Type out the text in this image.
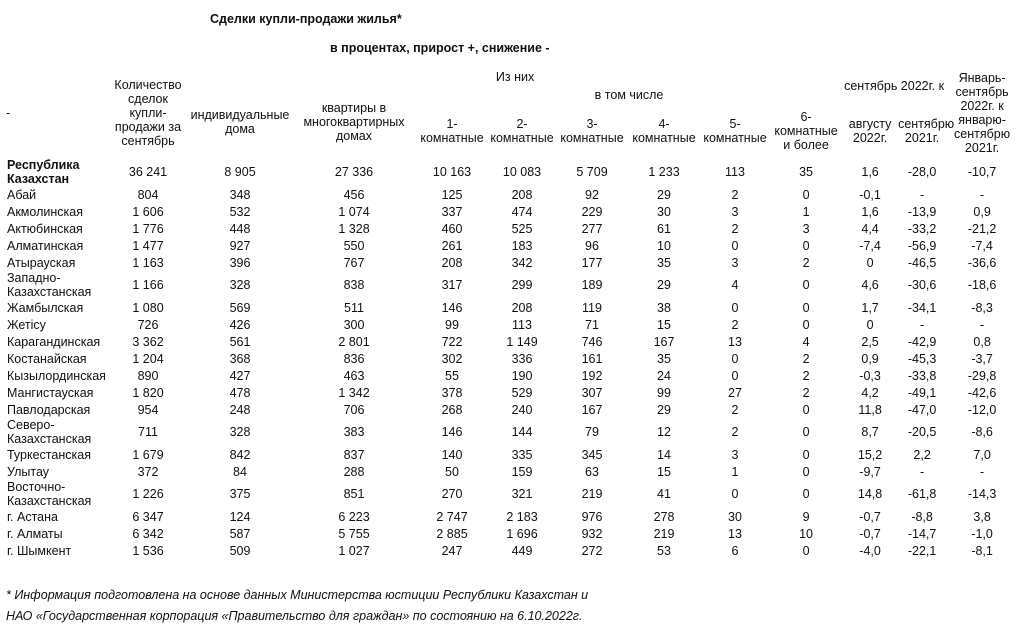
Сделки купли-продажи жилья*
в процентах, прирост +, снижение -
-	Количество сделок купли-продажи за сентябрь	Из них								сентябрь 2022г. к		Январь-сентябрь 2022г. к январю-сентябрю 2021г.
		индивидуальные дома	квартиры в многоквартирных домах	в том числе								
				1-комнатные	2-комнатные	3-комнатные	4-комнатные	5-комнатные	6-комнатные и более	августу 2022г.	сентябрю 2021г.	
Республика Казахстан	36 241	8 905	27 336	10 163	10 083	5 709	1 233	113	35	1,6	-28,0	-10,7
Абай	804	348	456	125	208	92	29	2	0	-0,1	-	-
Акмолинская	1 606	532	1 074	337	474	229	30	3	1	1,6	-13,9	0,9
Актюбинская	1 776	448	1 328	460	525	277	61	2	3	4,4	-33,2	-21,2
Алматинская	1 477	927	550	261	183	96	10	0	0	-7,4	-56,9	-7,4
Атырауская	1 163	396	767	208	342	177	35	3	2	0	-46,5	-36,6
Западно-Казахстанская	1 166	328	838	317	299	189	29	4	0	4,6	-30,6	-18,6
Жамбылская	1 080	569	511	146	208	119	38	0	0	1,7	-34,1	-8,3
Жетісу	726	426	300	99	113	71	15	2	0	0	-	-
Карагандинская	3 362	561	2 801	722	1 149	746	167	13	4	2,5	-42,9	0,8
Костанайская	1 204	368	836	302	336	161	35	0	2	0,9	-45,3	-3,7
Кызылординская	890	427	463	55	190	192	24	0	2	-0,3	-33,8	-29,8
Мангистауская	1 820	478	1 342	378	529	307	99	27	2	4,2	-49,1	-42,6
Павлодарская	954	248	706	268	240	167	29	2	0	11,8	-47,0	-12,0
Северо-Казахстанская	711	328	383	146	144	79	12	2	0	8,7	-20,5	-8,6
Туркестанская	1 679	842	837	140	335	345	14	3	0	15,2	2,2	7,0
Улытау	372	84	288	50	159	63	15	1	0	-9,7	-	-
Восточно-Казахстанская	1 226	375	851	270	321	219	41	0	0	14,8	-61,8	-14,3
г. Астана	6 347	124	6 223	2 747	2 183	976	278	30	9	-0,7	-8,8	3,8
г. Алматы	6 342	587	5 755	2 885	1 696	932	219	13	10	-0,7	-14,7	-1,0
г. Шымкент	1 536	509	1 027	247	449	272	53	6	0	-4,0	-22,1	-8,1
* Информация подготовлена на основе данных Министерства юстиции Республики Казахстан и
НАО «Государственная корпорация «Правительство для граждан» по состоянию на 6.10.2022г.
